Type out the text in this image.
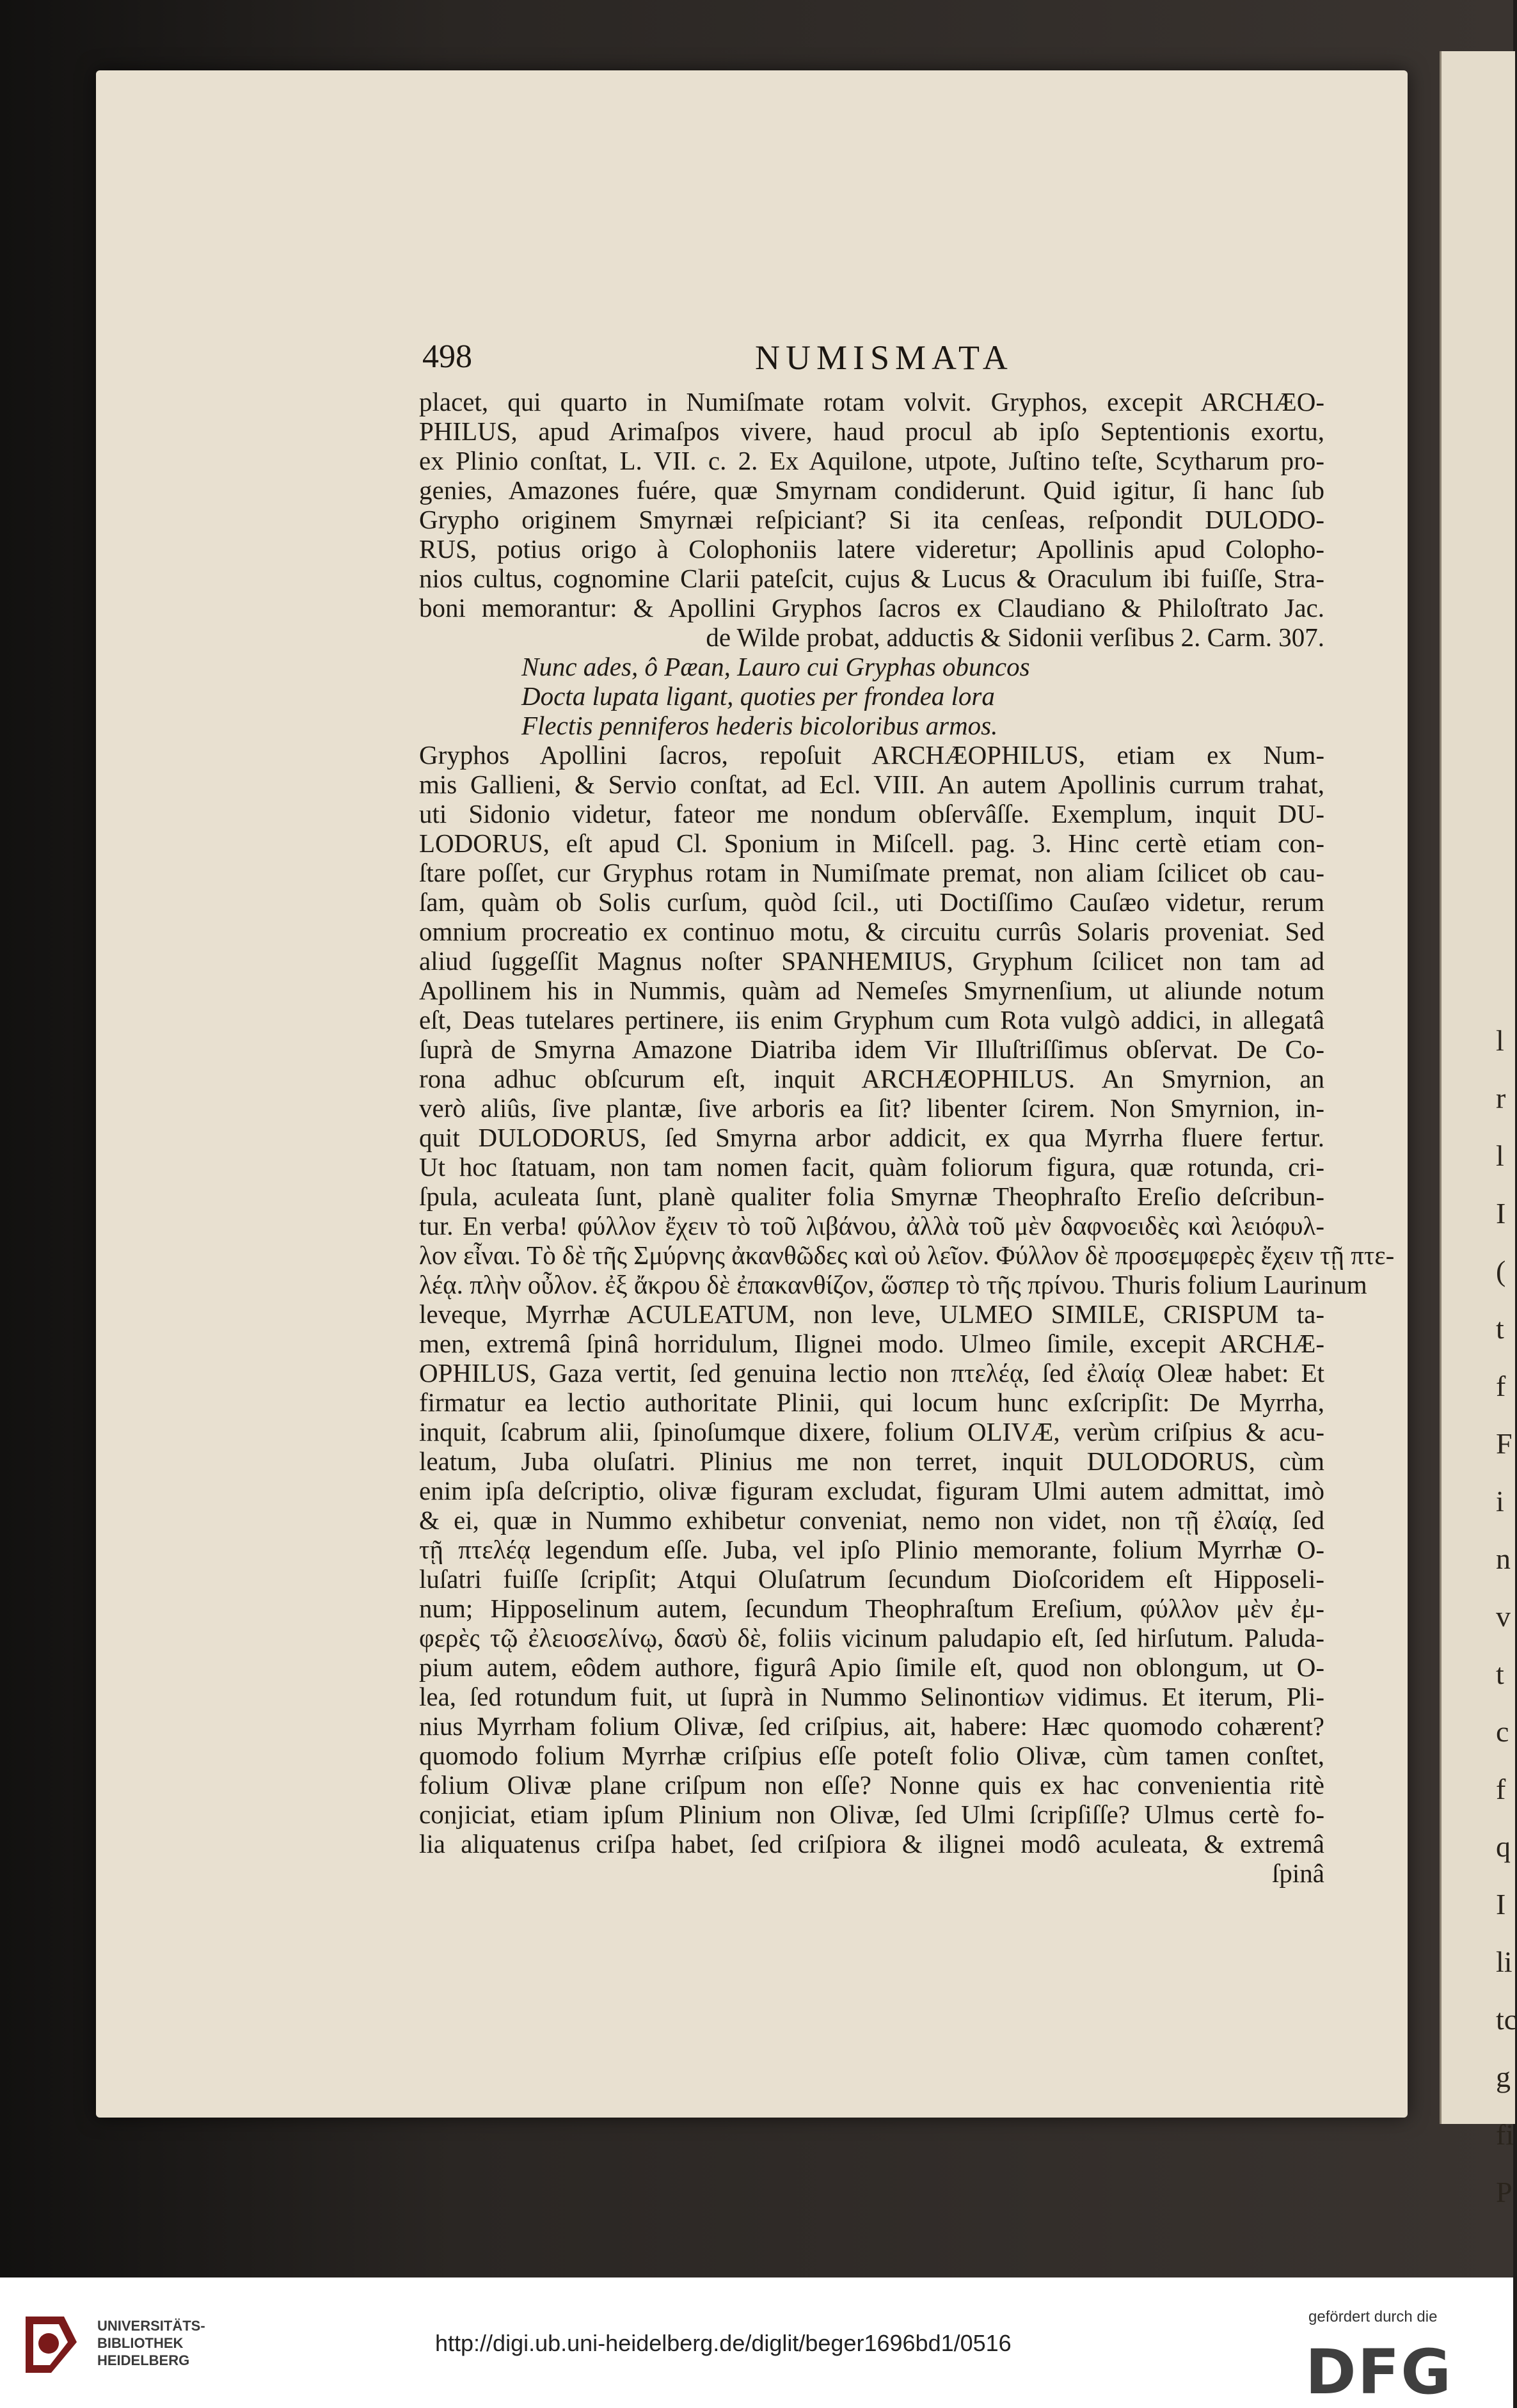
l
r
l
I
(
t
f
F
i
n
v
t
c
f
q
I
li
tc
g
fi
P
498	NUMISMATA
placet, qui quarto in Numiſmate rotam volvit. Gryphos, excepit ARCHÆO-
PHILUS, apud Arimaſpos vivere, haud procul ab ipſo Septentionis exortu,
ex Plinio conſtat, L. VII. c. 2. Ex Aquilone, utpote, Juſtino teſte, Scytharum pro-
genies, Amazones fuére, quæ Smyrnam condiderunt. Quid igitur, ſi hanc ſub
Grypho originem Smyrnæi reſpiciant? Si ita cenſeas, reſpondit DULODO-
RUS, potius origo à Colophoniis latere videretur; Apollinis apud Colopho-
nios cultus, cognomine Clarii pateſcit, cujus & Lucus & Oraculum ibi fuiſſe, Stra-
boni memorantur: & Apollini Gryphos ſacros ex Claudiano & Philoſtrato Jac.
de Wilde probat, adductis & Sidonii verſibus 2. Carm. 307.
Nunc ades, ô Pæan, Lauro cui Gryphas obuncos
Docta lupata ligant, quoties per frondea lora
Flectis penniferos hederis bicoloribus armos.
Gryphos Apollini ſacros, repoſuit ARCHÆOPHILUS, etiam ex Num-
mis Gallieni, & Servio conſtat, ad Ecl. VIII. An autem Apollinis currum trahat,
uti Sidonio videtur, fateor me nondum obſervâſſe. Exemplum, inquit DU-
LODORUS, eſt apud Cl. Sponium in Miſcell. pag. 3. Hinc certè etiam con-
ſtare poſſet, cur Gryphus rotam in Numiſmate premat, non aliam ſcilicet ob cau-
ſam, quàm ob Solis curſum, quòd ſcil., uti Doctiſſimo Cauſæo videtur, rerum
omnium procreatio ex continuo motu, & circuitu currûs Solaris proveniat. Sed
aliud ſuggeſſit Magnus noſter SPANHEMIUS, Gryphum ſcilicet non tam ad
Apollinem his in Nummis, quàm ad Nemeſes Smyrnenſium, ut aliunde notum
eſt, Deas tutelares pertinere, iis enim Gryphum cum Rota vulgò addici, in allegatâ
ſuprà de Smyrna Amazone Diatriba idem Vir Illuſtriſſimus obſervat. De Co-
rona adhuc obſcurum eſt, inquit ARCHÆOPHILUS. An Smyrnion, an
verò aliûs, ſive plantæ, ſive arboris ea ſit? libenter ſcirem. Non Smyrnion, in-
quit DULODORUS, ſed Smyrna arbor addicit, ex qua Myrrha fluere fertur.
Ut hoc ſtatuam, non tam nomen facit, quàm foliorum figura, quæ rotunda, cri-
ſpula, aculeata ſunt, planè qualiter folia Smyrnæ Theophraſto Ereſio deſcribun-
tur. En verba! φύλλον ἔχειν τὸ τοῦ λιβάνου, ἀλλὰ τοῦ μὲν δαφνοειδὲς καὶ λειόφυλ-
λον εἶναι. Τὸ δὲ τῆς Σμύρνης ἀκανθῶδες καὶ οὐ λεῖον. Φύλλον δὲ προσεμφερὲς ἔχειν τῇ πτε-
λέᾳ. πλὴν οὖλον. ἐξ ἄκρου δὲ ἐπακανθίζον, ὥσπερ τὸ τῆς πρίνου. Thuris folium Laurinum
leveque, Myrrhæ ACULEATUM, non leve, ULMEO SIMILE, CRISPUM ta-
men, extremâ ſpinâ horridulum, Ilignei modo. Ulmeo ſimile, excepit ARCHÆ-
OPHILUS, Gaza vertit, ſed genuina lectio non πτελέᾳ, ſed ἐλαίᾳ Oleæ habet: Et
firmatur ea lectio authoritate Plinii, qui locum hunc exſcripſit: De Myrrha,
inquit, ſcabrum alii, ſpinoſumque dixere, folium OLIVÆ, verùm criſpius & acu-
leatum, Juba oluſatri. Plinius me non terret, inquit DULODORUS, cùm
enim ipſa deſcriptio, olivæ figuram excludat, figuram Ulmi autem admittat, imò
& ei, quæ in Nummo exhibetur conveniat, nemo non videt, non τῇ ἐλαίᾳ, ſed
τῇ πτελέᾳ legendum eſſe. Juba, vel ipſo Plinio memorante, folium Myrrhæ O-
luſatri fuiſſe ſcripſit; Atqui Oluſatrum ſecundum Dioſcoridem eſt Hipposeli-
num; Hipposelinum autem, ſecundum Theophraſtum Ereſium, φύλλον μὲν ἐμ-
φερὲς τῷ ἐλειοσελίνῳ, δασὺ δὲ, foliis vicinum paludapio eſt, ſed hirſutum. Paluda-
pium autem, eôdem authore, figurâ Apio ſimile eſt, quod non oblongum, ut O-
lea, ſed rotundum fuit, ut ſuprà in Nummo Selinontiων vidimus. Et iterum, Pli-
nius Myrrham folium Olivæ, ſed criſpius, ait, habere: Hæc quomodo cohærent?
quomodo folium Myrrhæ criſpius eſſe poteſt folio Olivæ, cùm tamen conſtet,
folium Olivæ plane criſpum non eſſe? Nonne quis ex hac convenientia ritè
conjiciat, etiam ipſum Plinium non Olivæ, ſed Ulmi ſcripſiſſe? Ulmus certè fo-
lia aliquatenus criſpa habet, ſed criſpiora & ilignei modô aculeata, & extremâ
ſpinâ
UNIVERSITÄTS-
BIBLIOTHEK
HEIDELBERG
http://digi.ub.uni-heidelberg.de/diglit/beger1696bd1/0516
gefördert durch die
DFG
